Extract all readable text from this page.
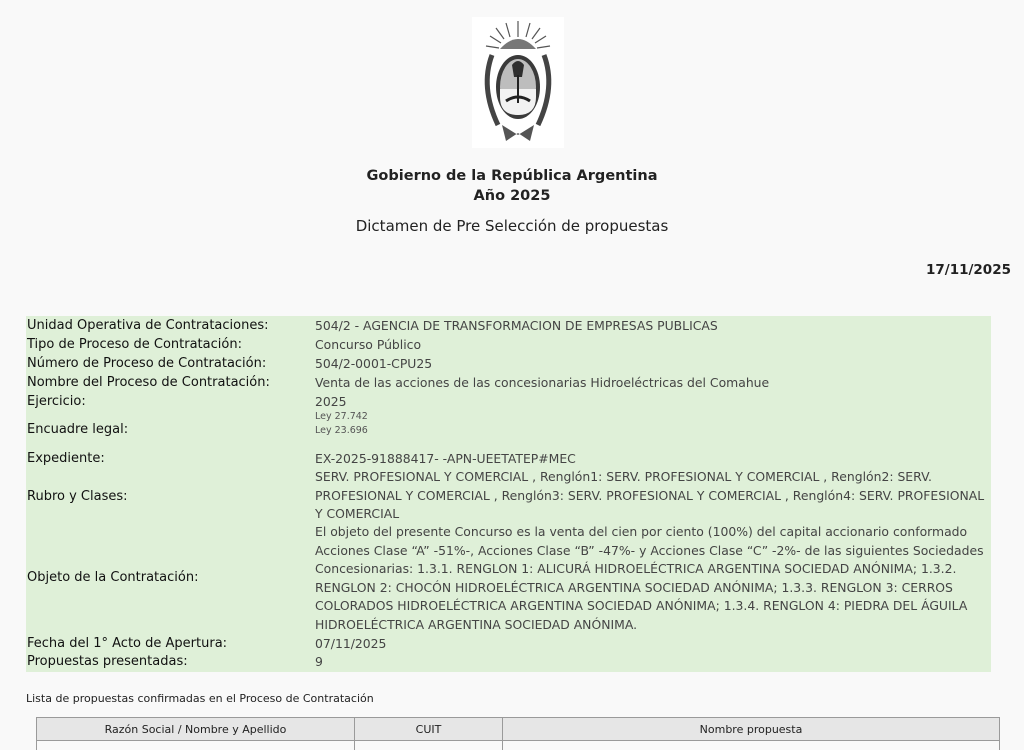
Gobierno de la República Argentina
Año 2025
Dictamen de Pre Selección de propuestas
17/11/2025
Unidad Operativa de Contrataciones:	504/2 - AGENCIA DE TRANSFORMACION DE EMPRESAS PUBLICAS
Tipo de Proceso de Contratación:	Concurso Público
Número de Proceso de Contratación:	504/2-0001-CPU25
Nombre del Proceso de Contratación:	Venta de las acciones de las concesionarias Hidroeléctricas del Comahue
Ejercicio:	2025
Encuadre legal:
Ley 27.742
Ley 23.696
Expediente:	EX-2025-91888417- -APN-UEETATEP#MEC
Rubro y Clases:
SERV. PROFESIONAL Y COMERCIAL , Renglón1: SERV. PROFESIONAL Y COMERCIAL , Renglón2: SERV. PROFESIONAL Y COMERCIAL , Renglón3: SERV. PROFESIONAL Y COMERCIAL , Renglón4: SERV. PROFESIONAL Y COMERCIAL
Objeto de la Contratación:
El objeto del presente Concurso es la venta del cien por ciento (100%) del capital accionario conformado Acciones Clase “A” -51%-, Acciones Clase “B” -47%- y Acciones Clase “C” -2%- de las siguientes Sociedades Concesionarias: 1.3.1. RENGLON 1: ALICURÁ HIDROELÉCTRICA ARGENTINA SOCIEDAD ANÓNIMA; 1.3.2. RENGLON 2: CHOCÓN HIDROELÉCTRICA ARGENTINA SOCIEDAD ANÓNIMA; 1.3.3. RENGLON 3: CERROS COLORADOS HIDROELÉCTRICA ARGENTINA SOCIEDAD ANÓNIMA; 1.3.4. RENGLON 4: PIEDRA DEL ÁGUILA HIDROELÉCTRICA ARGENTINA SOCIEDAD ANÓNIMA.
Fecha del 1° Acto de Apertura:	07/11/2025
Propuestas presentadas:	9
Lista de propuestas confirmadas en el Proceso de Contratación
Razón Social / Nombre y Apellido	CUIT	Nombre propuesta
